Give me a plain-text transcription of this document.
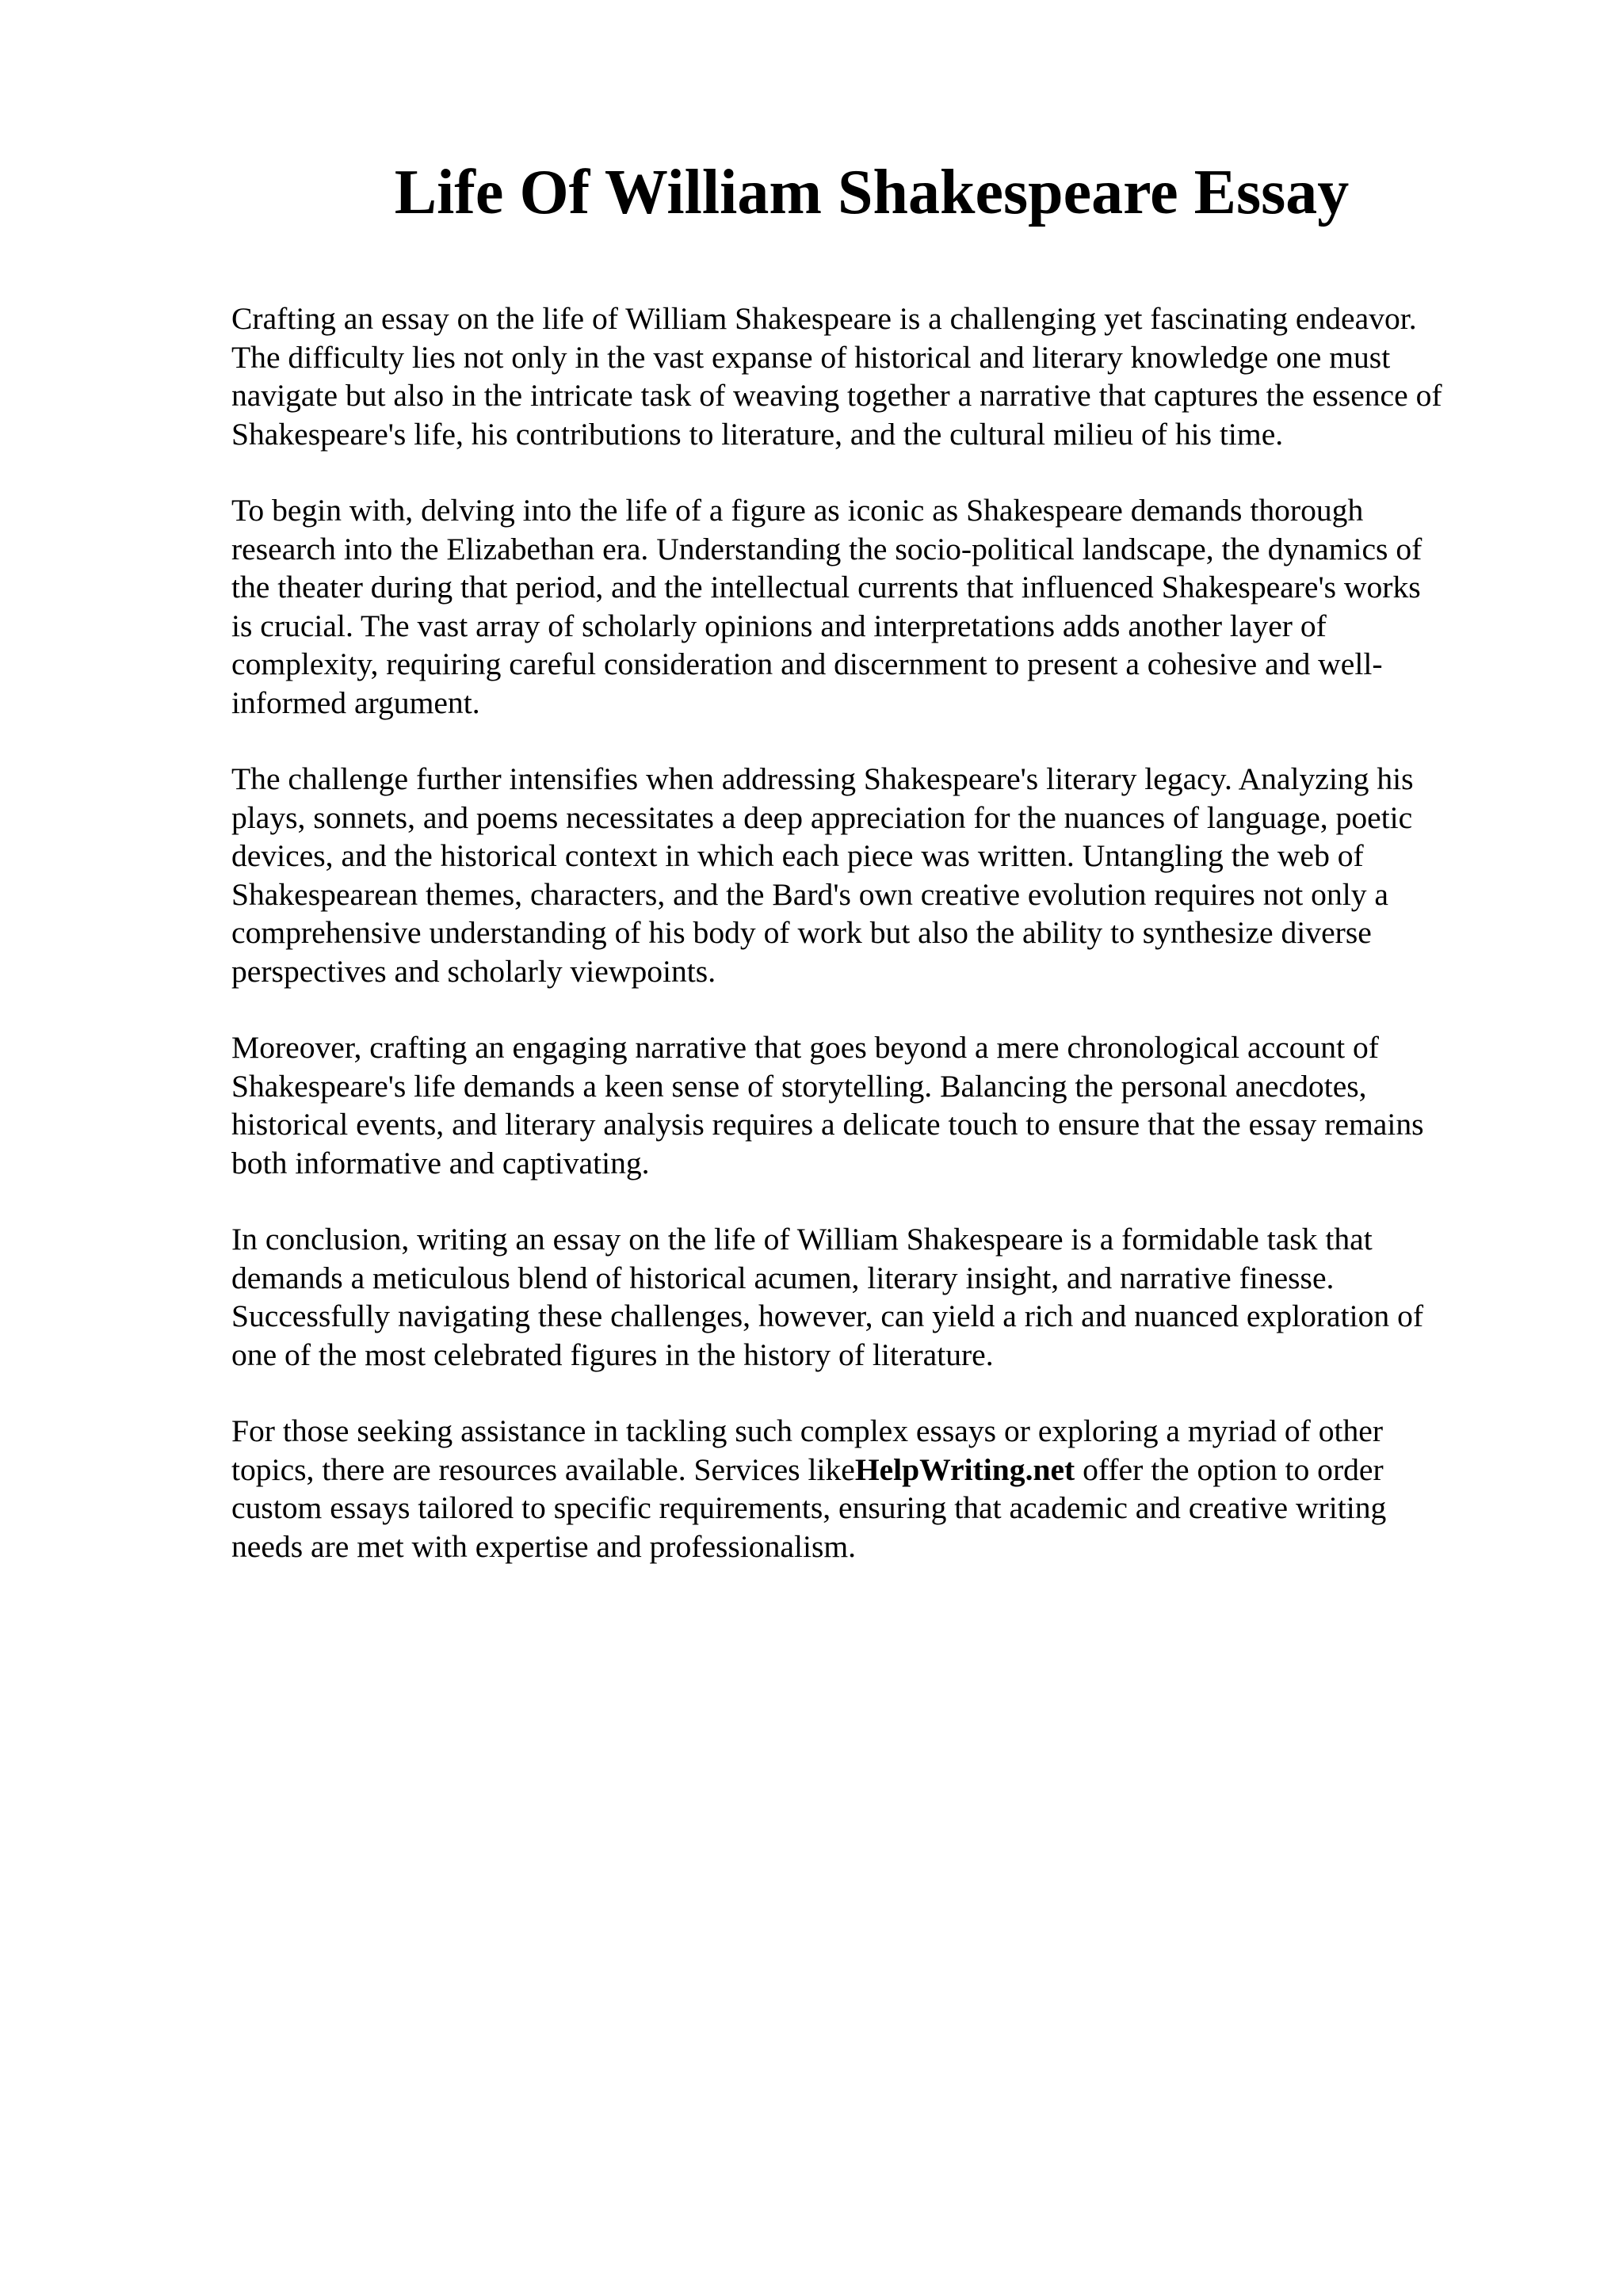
Life Of William Shakespeare Essay

Crafting an essay on the life of William Shakespeare is a challenging yet fascinating endeavor.
The difficulty lies not only in the vast expanse of historical and literary knowledge one must
navigate but also in the intricate task of weaving together a narrative that captures the essence of
Shakespeare's life, his contributions to literature, and the cultural milieu of his time.

To begin with, delving into the life of a figure as iconic as Shakespeare demands thorough
research into the Elizabethan era. Understanding the socio-political landscape, the dynamics of
the theater during that period, and the intellectual currents that influenced Shakespeare's works
is crucial. The vast array of scholarly opinions and interpretations adds another layer of
complexity, requiring careful consideration and discernment to present a cohesive and well-
informed argument.

The challenge further intensifies when addressing Shakespeare's literary legacy. Analyzing his
plays, sonnets, and poems necessitates a deep appreciation for the nuances of language, poetic
devices, and the historical context in which each piece was written. Untangling the web of
Shakespearean themes, characters, and the Bard's own creative evolution requires not only a
comprehensive understanding of his body of work but also the ability to synthesize diverse
perspectives and scholarly viewpoints.

Moreover, crafting an engaging narrative that goes beyond a mere chronological account of
Shakespeare's life demands a keen sense of storytelling. Balancing the personal anecdotes,
historical events, and literary analysis requires a delicate touch to ensure that the essay remains
both informative and captivating.

In conclusion, writing an essay on the life of William Shakespeare is a formidable task that
demands a meticulous blend of historical acumen, literary insight, and narrative finesse.
Successfully navigating these challenges, however, can yield a rich and nuanced exploration of
one of the most celebrated figures in the history of literature.

For those seeking assistance in tackling such complex essays or exploring a myriad of other
topics, there are resources available. Services likeHelpWriting.net offer the option to order
custom essays tailored to specific requirements, ensuring that academic and creative writing
needs are met with expertise and professionalism.
